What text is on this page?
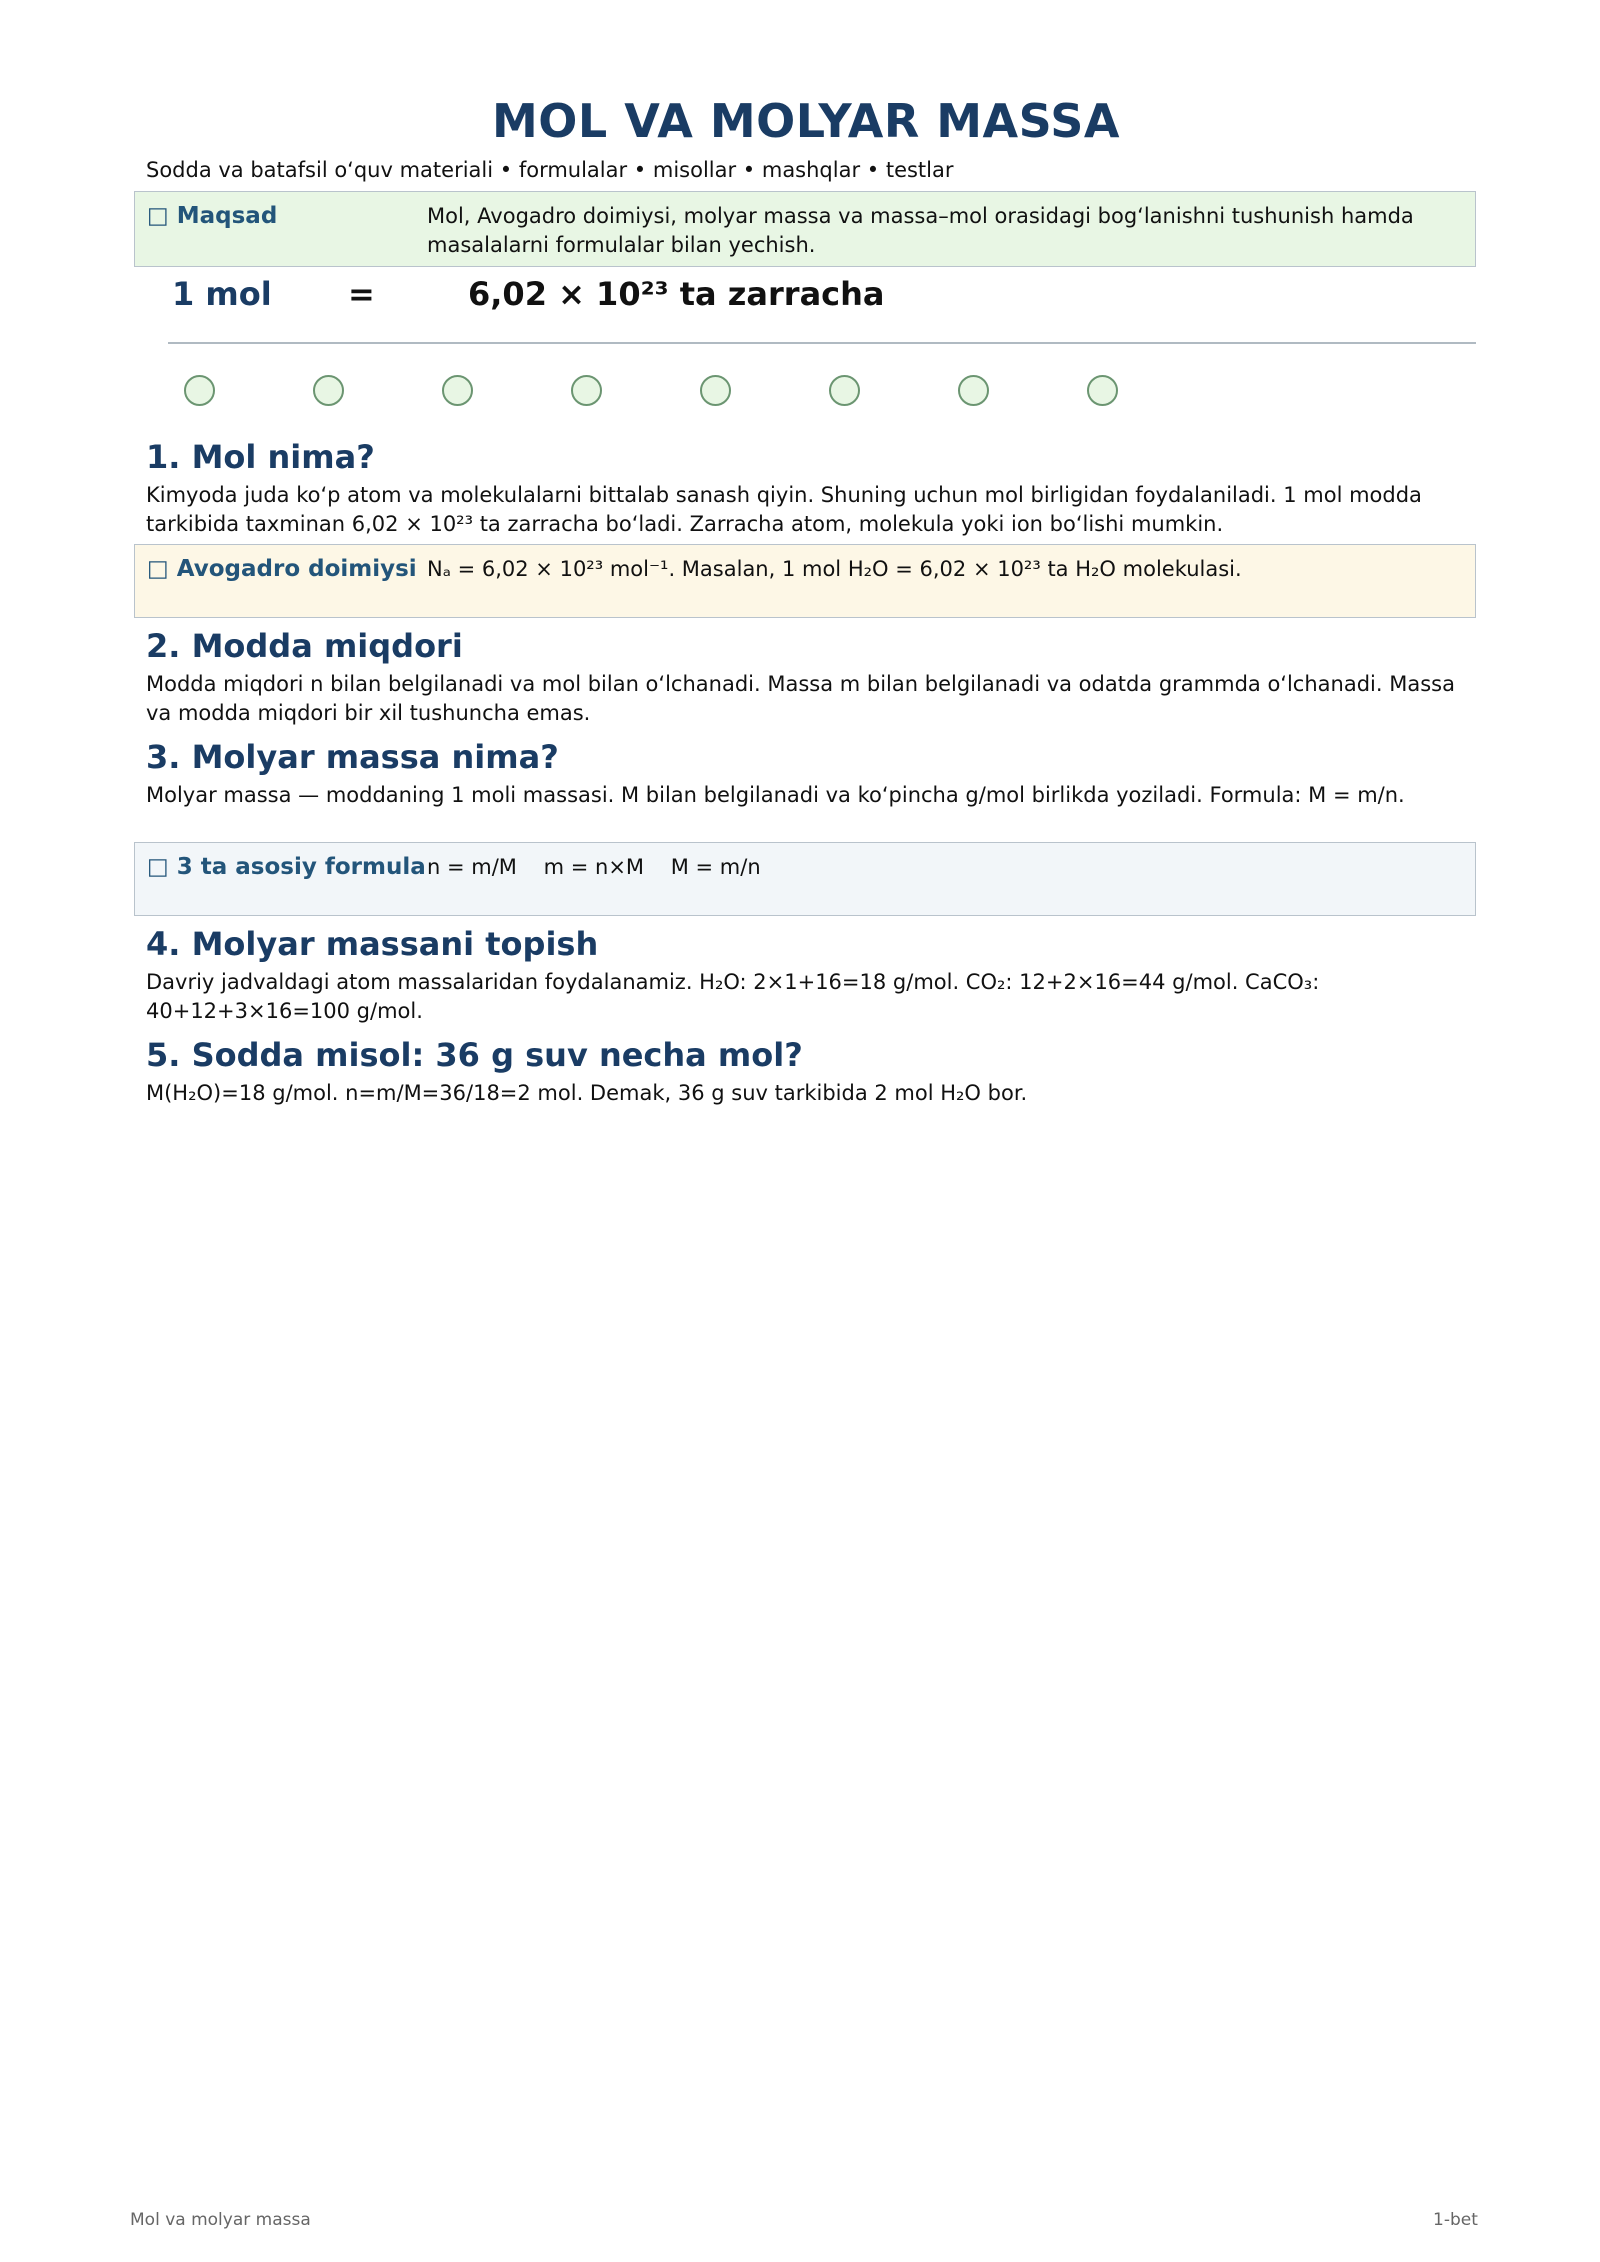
MOL VA MOLYAR MASSA
Sodda va batafsil o‘quv materiali • formulalar • misollar • mashqlar • testlar
□ Maqsad	Mol, Avogadro doimiysi, molyar massa va massa–mol orasidagi bog‘lanishni tushunish hamda masalalarni formulalar bilan yechish.
1 mol =	6,02 × 10²³ ta zarracha
1. Mol nima?

Kimyoda juda ko‘p atom va molekulalarni bittalab sanash qiyin. Shuning uchun mol birligidan foydalaniladi. 1 mol modda tarkibida taxminan 6,02 × 10²³ ta zarracha bo‘ladi. Zarracha atom, molekula yoki ion bo‘lishi mumkin.

□ Avogadro doimiysi Nₐ = 6,02 × 10²³ mol⁻¹. Masalan, 1 mol H₂O = 6,02 × 10²³ ta H₂O molekulasi.
2. Modda miqdori

Modda miqdori n bilan belgilanadi va mol bilan o‘lchanadi. Massa m bilan belgilanadi va odatda grammda o‘lchanadi. Massa va modda miqdori bir xil tushuncha emas.

3. Molyar massa nima?

Molyar massa — moddaning 1 moli massasi. M bilan belgilanadi va ko‘pincha g/mol birlikda yoziladi. Formula: M = m/n.

□ 3 ta asosiy formula n = m/M    m = n×M    M = m/n
4. Molyar massani topish

Davriy jadvaldagi atom massalaridan foydalanamiz. H₂O: 2×1+16=18 g/mol. CO₂: 12+2×16=44 g/mol. CaCO₃: 40+12+3×16=100 g/mol.

5. Sodda misol: 36 g suv necha mol?

M(H₂O)=18 g/mol. n=m/M=36/18=2 mol. Demak, 36 g suv tarkibida 2 mol H₂O bor.

Mol va molyar massa	1-bet
